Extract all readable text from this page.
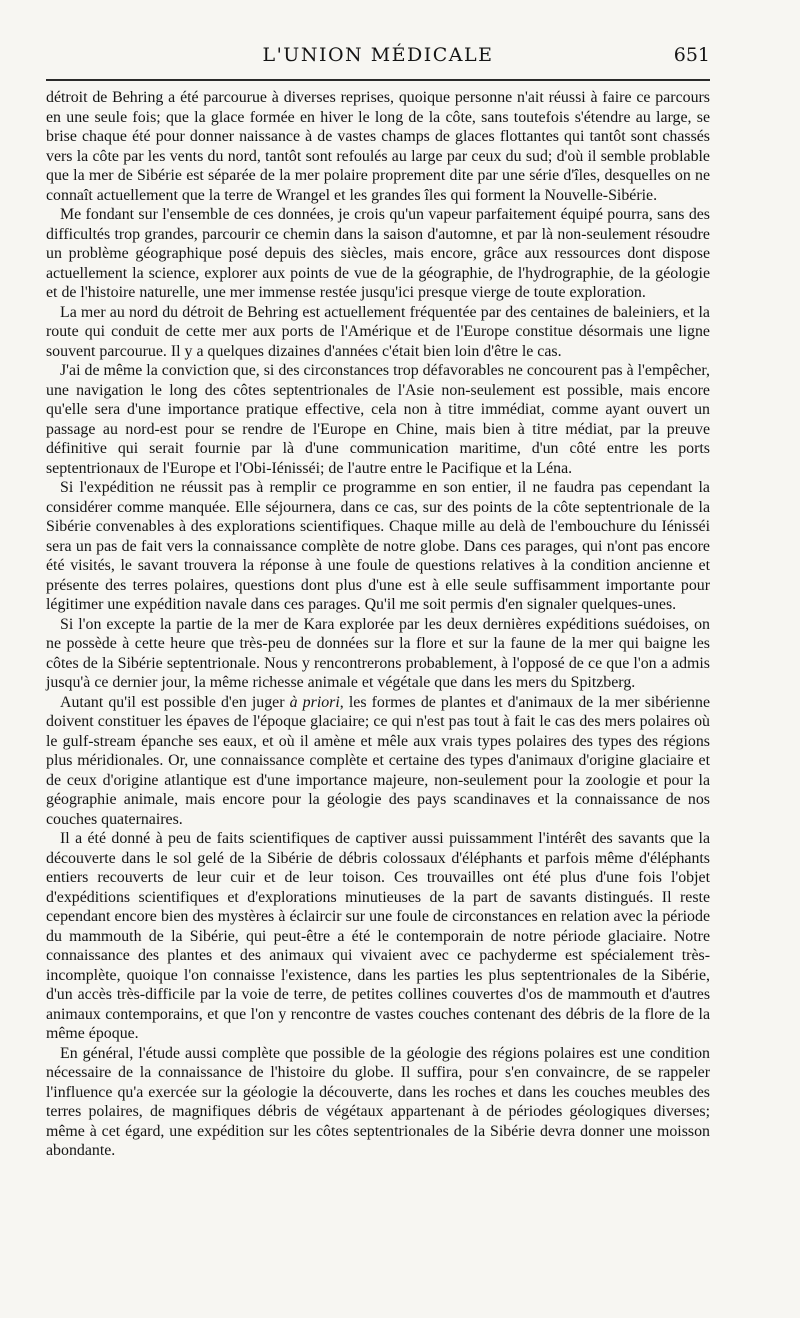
L'UNION MÉDICALE	651

détroit de Behring a été parcourue à diverses reprises, quoique personne n'ait réussi à faire ce parcours en une seule fois; que la glace formée en hiver le long de la côte, sans toutefois s'étendre au large, se brise chaque été pour donner naissance à de vastes champs de glaces flottantes qui tantôt sont chassés vers la côte par les vents du nord, tantôt sont refoulés au large par ceux du sud; d'où il semble problable que la mer de Sibérie est séparée de la mer polaire proprement dite par une série d'îles, desquelles on ne connaît actuellement que la terre de Wrangel et les grandes îles qui forment la Nouvelle-Sibérie.

Me fondant sur l'ensemble de ces données, je crois qu'un vapeur parfaitement équipé pourra, sans des difficultés trop grandes, parcourir ce chemin dans la saison d'automne, et par là non-seulement résoudre un problème géographique posé depuis des siècles, mais encore, grâce aux ressources dont dispose actuellement la science, explorer aux points de vue de la géographie, de l'hydrographie, de la géologie et de l'histoire naturelle, une mer immense restée jusqu'ici presque vierge de toute exploration.

La mer au nord du détroit de Behring est actuellement fréquentée par des centaines de baleiniers, et la route qui conduit de cette mer aux ports de l'Amérique et de l'Europe constitue désormais une ligne souvent parcourue. Il y a quelques dizaines d'années c'était bien loin d'être le cas.

J'ai de même la conviction que, si des circonstances trop défavorables ne concourent pas à l'empêcher, une navigation le long des côtes septentrionales de l'Asie non-seulement est possible, mais encore qu'elle sera d'une importance pratique effective, cela non à titre immédiat, comme ayant ouvert un passage au nord-est pour se rendre de l'Europe en Chine, mais bien à titre médiat, par la preuve définitive qui serait fournie par là d'une communication maritime, d'un côté entre les ports septentrionaux de l'Europe et l'Obi-Iénisséi; de l'autre entre le Pacifique et la Léna.

Si l'expédition ne réussit pas à remplir ce programme en son entier, il ne faudra pas cependant la considérer comme manquée. Elle séjournera, dans ce cas, sur des points de la côte septentrionale de la Sibérie convenables à des explorations scientifiques. Chaque mille au delà de l'embouchure du Iénisséi sera un pas de fait vers la connaissance complète de notre globe. Dans ces parages, qui n'ont pas encore été visités, le savant trouvera la réponse à une foule de questions relatives à la condition ancienne et présente des terres polaires, questions dont plus d'une est à elle seule suffisamment importante pour légitimer une expédition navale dans ces parages. Qu'il me soit permis d'en signaler quelques-unes.

Si l'on excepte la partie de la mer de Kara explorée par les deux dernières expéditions suédoises, on ne possède à cette heure que très-peu de données sur la flore et sur la faune de la mer qui baigne les côtes de la Sibérie septentrionale. Nous y rencontrerons probablement, à l'opposé de ce que l'on a admis jusqu'à ce dernier jour, la même richesse animale et végétale que dans les mers du Spitzberg.

Autant qu'il est possible d'en juger à priori, les formes de plantes et d'animaux de la mer sibérienne doivent constituer les épaves de l'époque glaciaire; ce qui n'est pas tout à fait le cas des mers polaires où le gulf-stream épanche ses eaux, et où il amène et mêle aux vrais types polaires des types des régions plus méridionales. Or, une connaissance complète et certaine des types d'animaux d'origine glaciaire et de ceux d'origine atlantique est d'une importance majeure, non-seulement pour la zoologie et pour la géographie animale, mais encore pour la géologie des pays scandinaves et la connaissance de nos couches quaternaires.

Il a été donné à peu de faits scientifiques de captiver aussi puissamment l'intérêt des savants que la découverte dans le sol gelé de la Sibérie de débris colossaux d'éléphants et parfois même d'éléphants entiers recouverts de leur cuir et de leur toison. Ces trouvailles ont été plus d'une fois l'objet d'expéditions scientifiques et d'explorations minutieuses de la part de savants distingués. Il reste cependant encore bien des mystères à éclaircir sur une foule de circonstances en relation avec la période du mammouth de la Sibérie, qui peut-être a été le contemporain de notre période glaciaire. Notre connaissance des plantes et des animaux qui vivaient avec ce pachyderme est spécialement très-incomplète, quoique l'on connaisse l'existence, dans les parties les plus septentrionales de la Sibérie, d'un accès très-difficile par la voie de terre, de petites collines couvertes d'os de mammouth et d'autres animaux contemporains, et que l'on y rencontre de vastes couches contenant des débris de la flore de la même époque.

En général, l'étude aussi complète que possible de la géologie des régions polaires est une condition nécessaire de la connaissance de l'histoire du globe. Il suffira, pour s'en convaincre, de se rappeler l'influence qu'a exercée sur la géologie la découverte, dans les roches et dans les couches meubles des terres polaires, de magnifiques débris de végétaux appartenant à de périodes géologiques diverses; même à cet égard, une expédition sur les côtes septentrionales de la Sibérie devra donner une moisson abondante.
